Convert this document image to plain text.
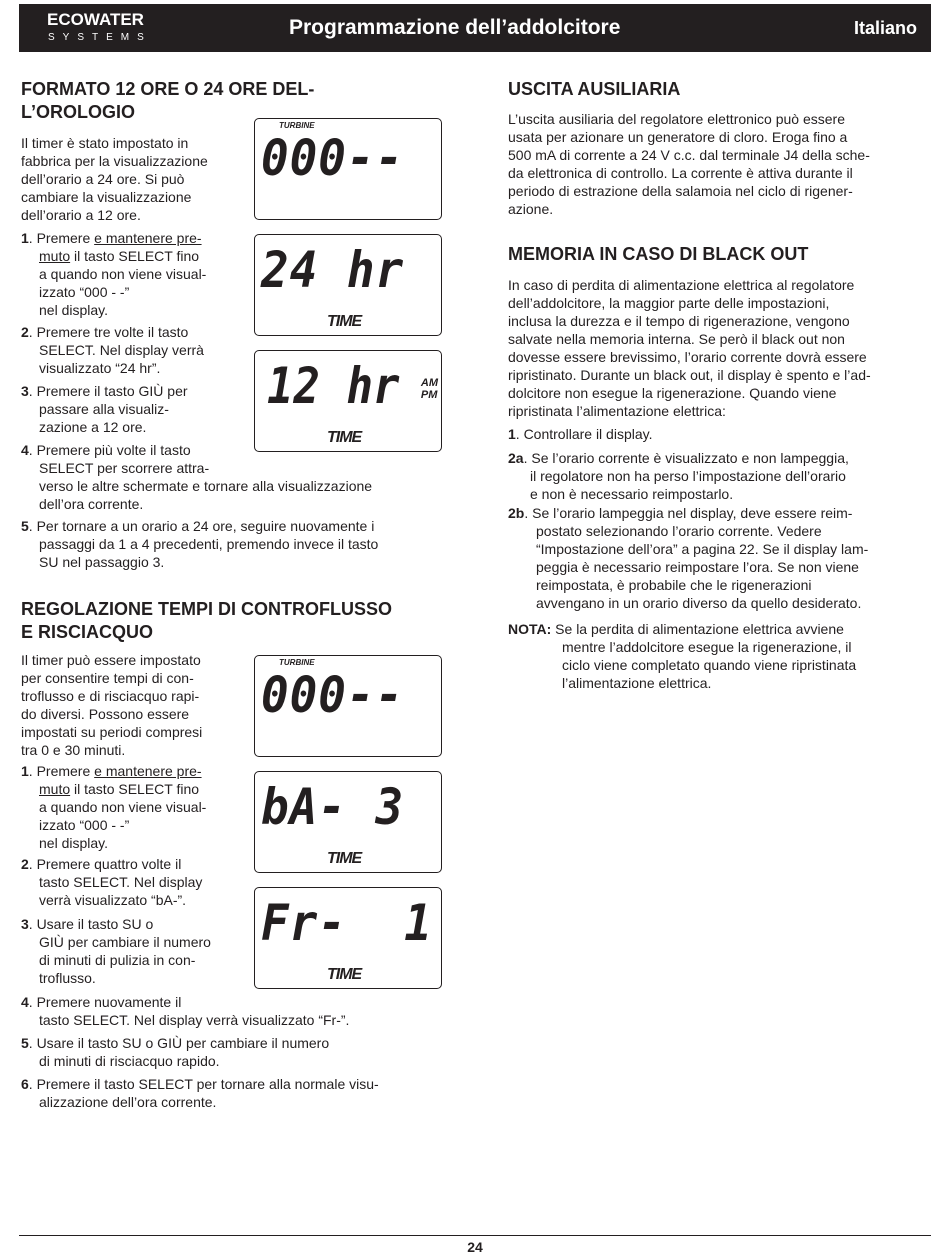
ECOWATER
SYSTEMS	Programmazione dell’addolcitore	Italiano
FORMATO 12 ORE O 24 ORE DEL-
L’OROLOGIO
Il timer è stato impostato in
fabbrica per la visualizzazione
dell’orario a 24 ore. Si può
cambiare la visualizzazione
dell’orario a 12 ore.
1. Premere e mantenere pre-
muto il tasto SELECT fino
a quando non viene visual-
izzato “000 - -”
nel display.
2. Premere tre volte il tasto
SELECT. Nel display verrà
visualizzato “24 hr”.
3. Premere il tasto GIÙ per
passare alla visualiz-
zazione a 12 ore.
4. Premere più volte il tasto
SELECT per scorrere attra-
verso le altre schermate e tornare alla visualizzazione
dell’ora corrente.
5. Per tornare a un orario a 24 ore, seguire nuovamente i
passaggi da 1 a 4 precedenti, premendo invece il tasto
SU nel passaggio 3.
TURBINE
000--
24 hr
TIME
12 hr AM
PM
TIME
REGOLAZIONE TEMPI DI CONTROFLUSSO
E RISCIACQUO
Il timer può essere impostato
per consentire tempi di con-
troflusso e di risciacquo rapi-
do diversi. Possono essere
impostati su periodi compresi
tra 0 e 30 minuti.
1. Premere e mantenere pre-
muto il tasto SELECT fino
a quando non viene visual-
izzato “000 - -”
nel display.
2. Premere quattro volte il
tasto SELECT. Nel display
verrà visualizzato “bA-”.
3. Usare il tasto SU o
GIÙ per cambiare il numero
di minuti di pulizia in con-
troflusso.
4. Premere nuovamente il
tasto SELECT. Nel display verrà visualizzato “Fr-”.
5. Usare il tasto SU o GIÙ per cambiare il numero
di minuti di risciacquo rapido.
6. Premere il tasto SELECT per tornare alla normale visu-
alizzazione dell’ora corrente.
TURBINE
000--
bA- 3
TIME
Fr-  1
TIME
USCITA AUSILIARIA
L’uscita ausiliaria del regolatore elettronico può essere
usata per azionare un generatore di cloro. Eroga fino a
500 mA di corrente a 24 V c.c. dal terminale J4 della sche-
da elettronica di controllo. La corrente è attiva durante il
periodo di estrazione della salamoia nel ciclo di rigener-
azione.
MEMORIA IN CASO DI BLACK OUT
In caso di perdita di alimentazione elettrica al regolatore
dell’addolcitore, la maggior parte delle impostazioni,
inclusa la durezza e il tempo di rigenerazione, vengono
salvate nella memoria interna. Se però il black out non
dovesse essere brevissimo, l’orario corrente dovrà essere
ripristinato. Durante un black out, il display è spento e l’ad-
dolcitore non esegue la rigenerazione. Quando viene
ripristinata l’alimentazione elettrica:
1. Controllare il display.
2a. Se l’orario corrente è visualizzato e non lampeggia,
il regolatore non ha perso l’impostazione dell’orario
e non è necessario reimpostarlo.
2b. Se l’orario lampeggia nel display, deve essere reim-
postato selezionando l’orario corrente. Vedere
“Impostazione dell’ora” a pagina 22. Se il display lam-
peggia è necessario reimpostare l’ora. Se non viene
reimpostata, è probabile che le rigenerazioni
avvengano in un orario diverso da quello desiderato.
NOTA: Se la perdita di alimentazione elettrica avviene
mentre l’addolcitore esegue la rigenerazione, il
ciclo viene completato quando viene ripristinata
l’alimentazione elettrica.
24
